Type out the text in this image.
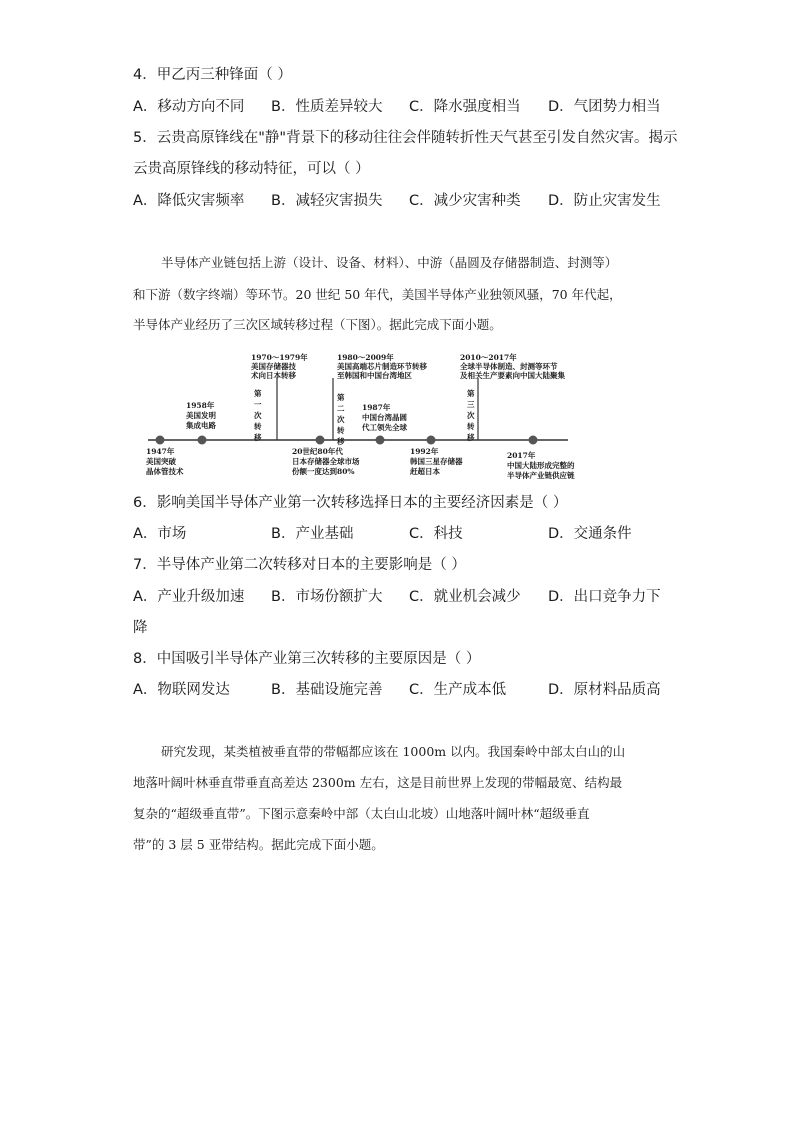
4．甲乙丙三种锋面（ ）
A．移动方向不同 B．性质差异较大 C．降水强度相当 D．气团势力相当
5．云贵高原锋线在"静"背景下的移动往往会伴随转折性天气甚至引发自然灾害。揭示
云贵高原锋线的移动特征，可以（ ）
A．降低灾害频率 B．减轻灾害损失 C．减少灾害种类 D．防止灾害发生
半导体产业链包括上游（设计、设备、材料）、中游（晶圆及存储器制造、封测等）
和下游（数字终端）等环节。20 世纪 50 年代，美国半导体产业独领风骚，70 年代起，
半导体产业经历了三次区域转移过程（下图）。据此完成下面小题。
第
一
次
转
移
第
二
次
转
移
第
三
次
转
移
1970～1979年
美国存储器技
术向日本转移
1980～2009年
美国高端芯片制造环节转移
至韩国和中国台湾地区
2010～2017年
全球半导体制造、封测等环节
及相关生产要素向中国大陆聚集
1958年
美国发明
集成电路
1987年
中国台湾晶圆
代工领先全球
1947年
美国突破
晶体管技术
20世纪80年代
日本存储器全球市场
份额一度达到80%
1992年
韩国三星存储器
赶超日本
2017年
中国大陆形成完整的
半导体产业链供应链
6．影响美国半导体产业第一次转移选择日本的主要经济因素是（ ）
A．市场	B．产业基础	C．科技	D．交通条件
7．半导体产业第二次转移对日本的主要影响是（ ）
A．产业升级加速 B．市场份额扩大 C．就业机会减少 D．出口竞争力下
降
8．中国吸引半导体产业第三次转移的主要原因是（ ）
A．物联网发达	B．基础设施完善 C．生产成本低	D．原材料品质高
研究发现，某类植被垂直带的带幅都应该在 1000m 以内。我国秦岭中部太白山的山
地落叶阔叶林垂直带垂直高差达 2300m 左右，这是目前世界上发现的带幅最宽、结构最
复杂的“超级垂直带”。下图示意秦岭中部（太白山北坡）山地落叶阔叶林“超级垂直
带”的 3 层 5 亚带结构。据此完成下面小题。
